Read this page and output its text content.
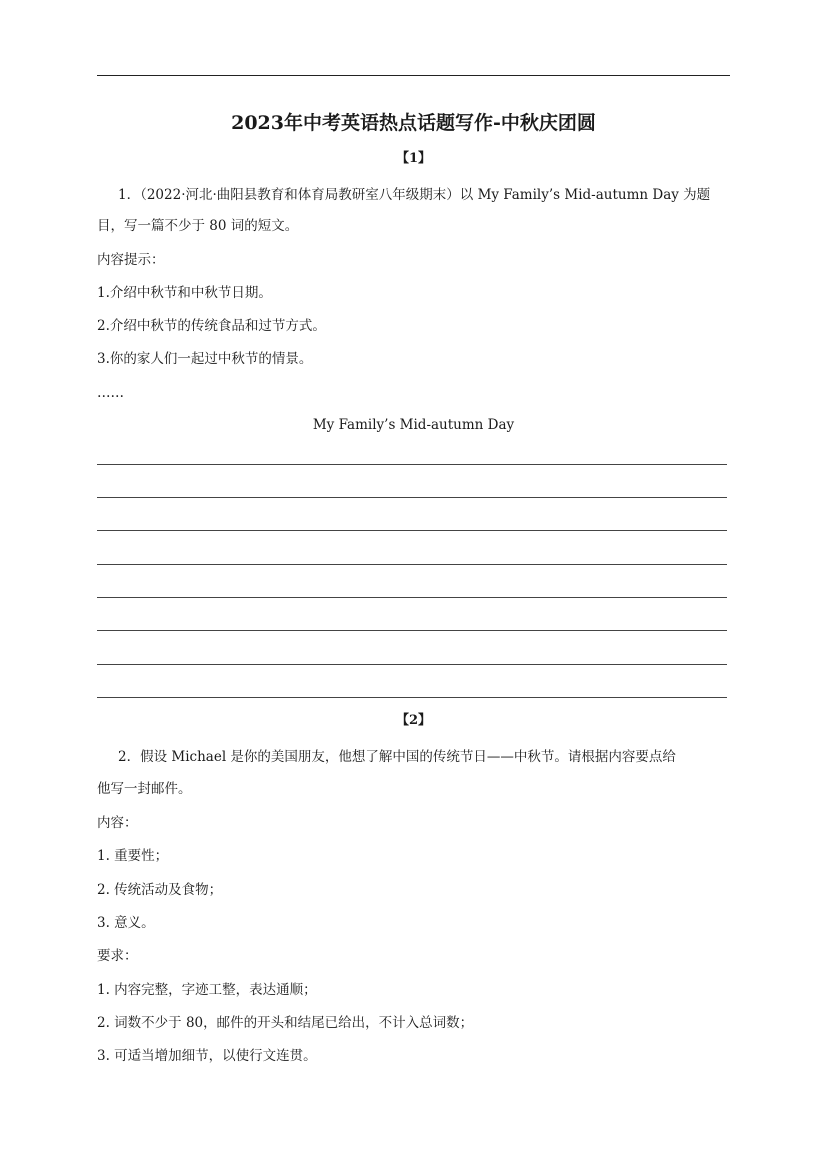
2023年中考英语热点话题写作-中秋庆团圆
【1】

1．（2022·河北·曲阳县教育和体育局教研室八年级期末）以 My Family’s Mid-autumn Day 为题

目，写一篇不少于 80 词的短文。

内容提示：

1.介绍中秋节和中秋节日期。

2.介绍中秋节的传统食品和过节方式。

3.你的家人们一起过中秋节的情景。

……

My Family’s Mid-autumn Day

【2】

2．假设 Michael 是你的美国朋友，他想了解中国的传统节日——中秋节。请根据内容要点给

他写一封邮件。

内容：

1. 重要性；

2. 传统活动及食物；

3. 意义。

要求：

1. 内容完整，字迹工整，表达通顺；

2. 词数不少于 80，邮件的开头和结尾已给出，不计入总词数；

3. 可适当增加细节，以使行文连贯。
